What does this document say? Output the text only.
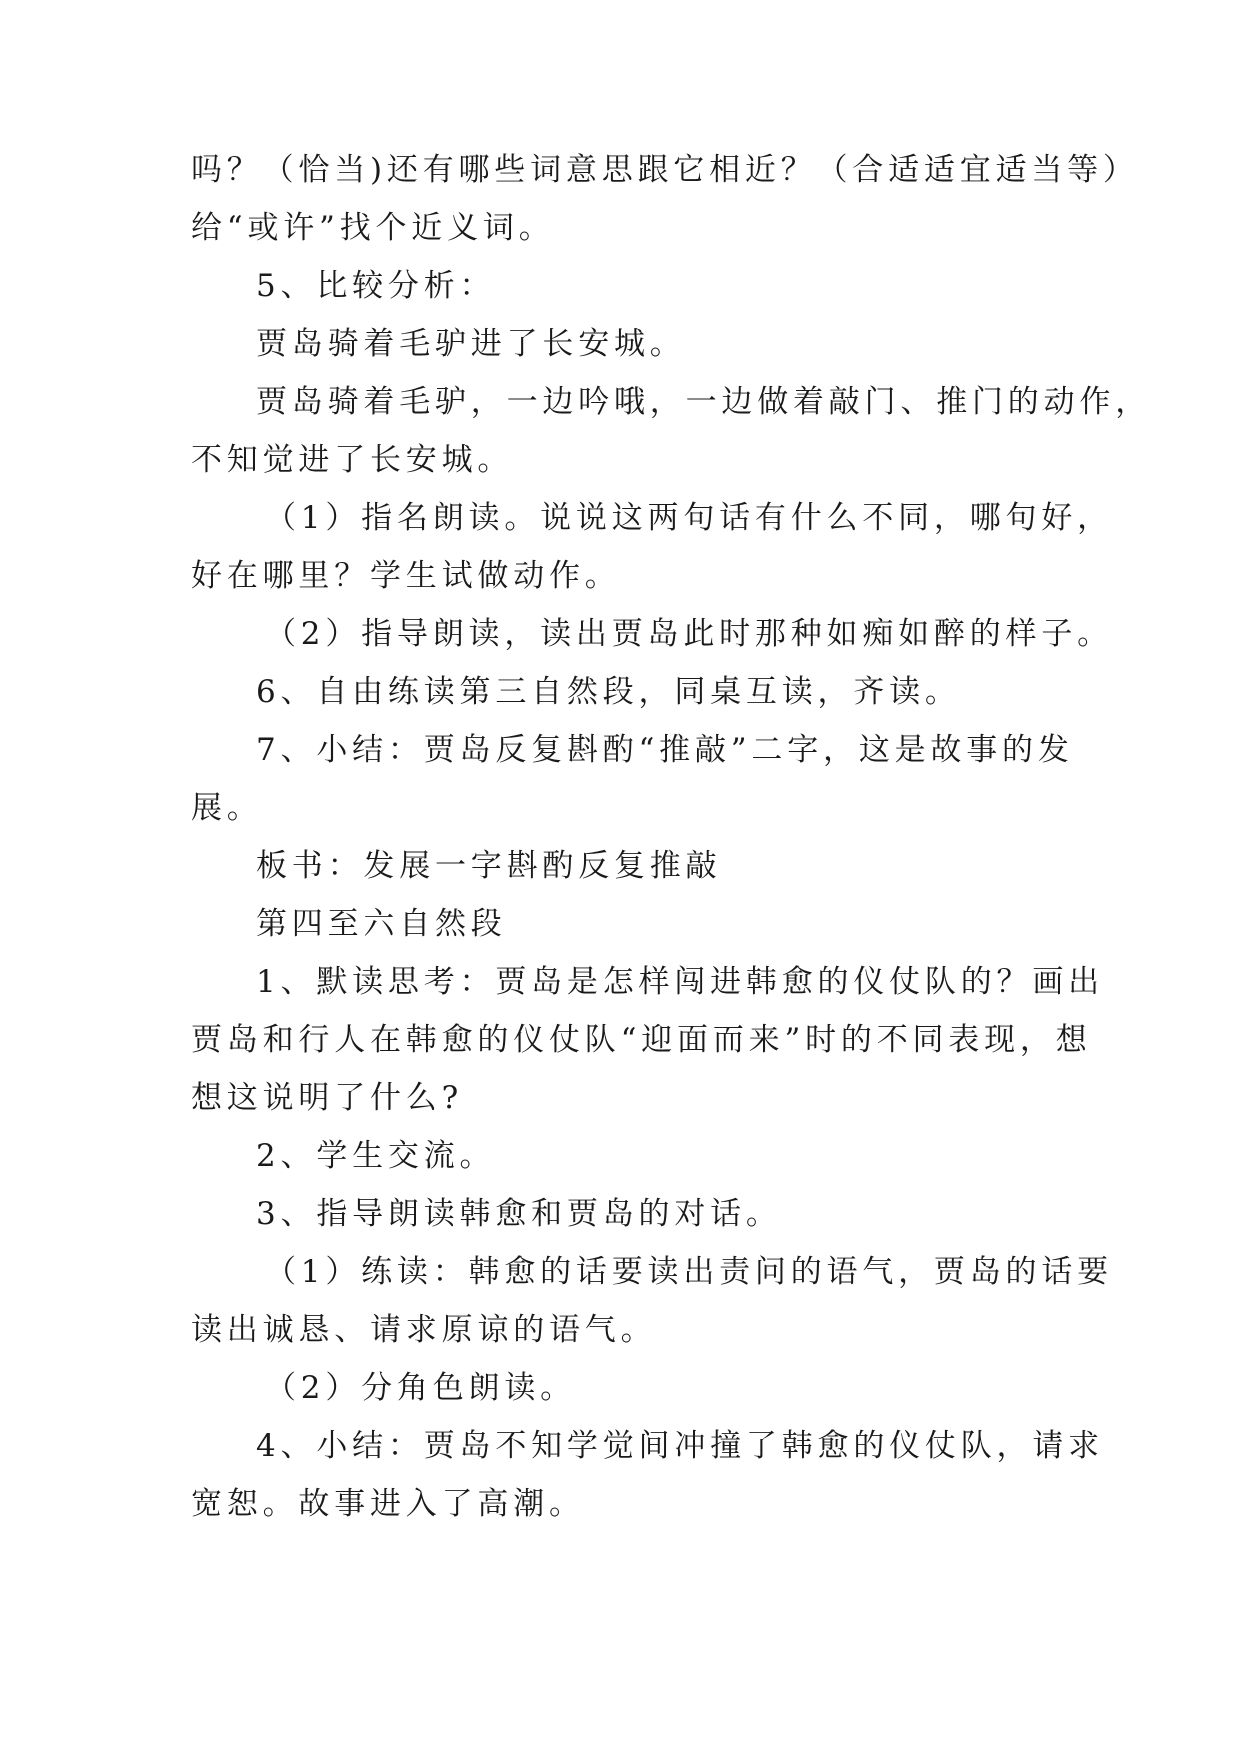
吗？（恰当)还有哪些词意思跟它相近？（合适适宜适当等）
给“或许”找个近义词。
5、比较分析：
贾岛骑着毛驴进了长安城。
贾岛骑着毛驴，一边吟哦，一边做着敲门、推门的动作，
不知觉进了长安城。
（1）指名朗读。说说这两句话有什么不同，哪句好，
好在哪里？学生试做动作。
（2）指导朗读，读出贾岛此时那种如痴如醉的样子。
6、自由练读第三自然段，同桌互读，齐读。
7、小结：贾岛反复斟酌“推敲”二字，这是故事的发
展。
板书：发展一字斟酌反复推敲
第四至六自然段
1、默读思考：贾岛是怎样闯进韩愈的仪仗队的？画出
贾岛和行人在韩愈的仪仗队“迎面而来”时的不同表现，想
想这说明了什么?
2、学生交流。
3、指导朗读韩愈和贾岛的对话。
（1）练读：韩愈的话要读出责问的语气，贾岛的话要
读出诚恳、请求原谅的语气。
（2）分角色朗读。
4、小结：贾岛不知学觉间冲撞了韩愈的仪仗队，请求
宽恕。故事进入了高潮。
